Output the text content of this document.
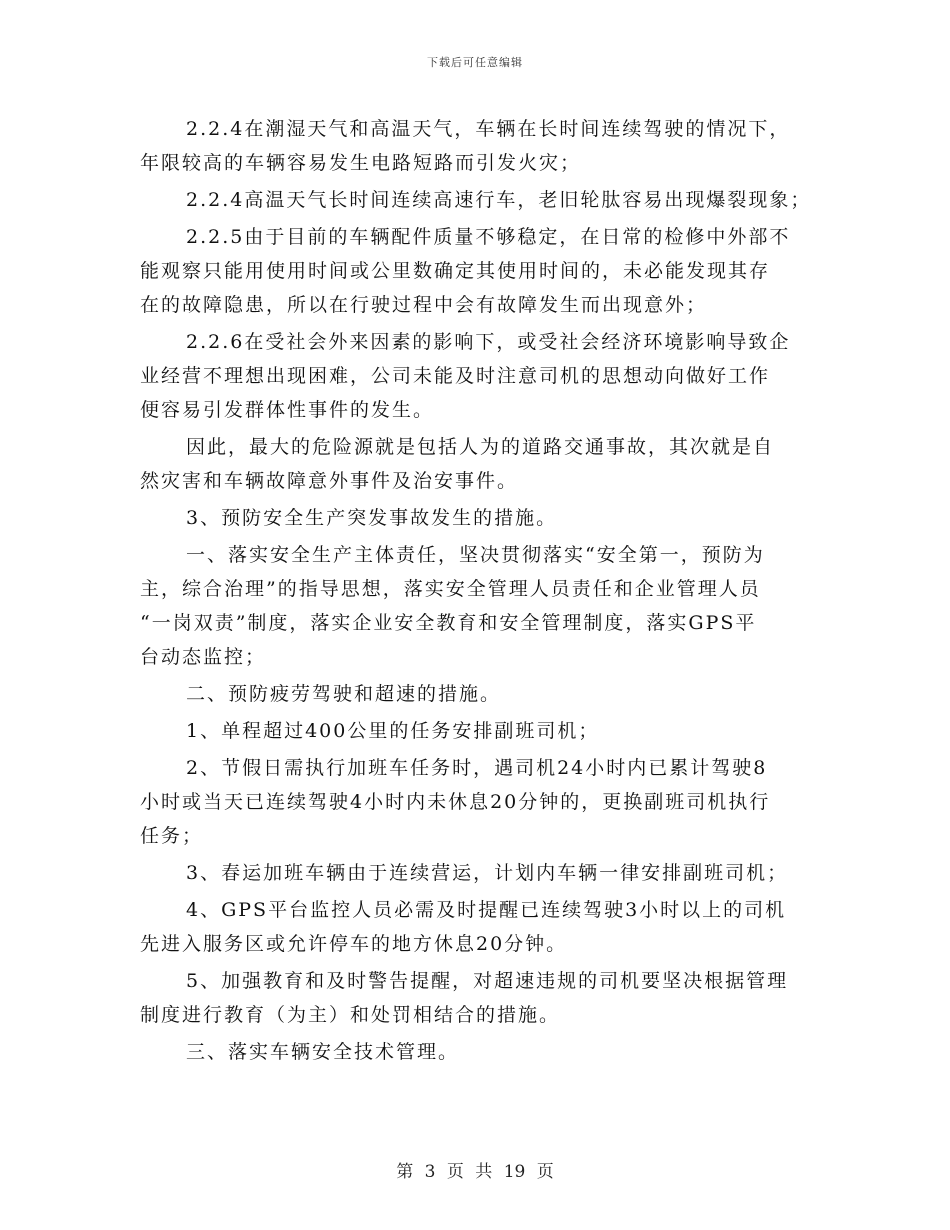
下载后可任意编辑
2.2.4在潮湿天气和高温天气，车辆在长时间连续驾驶的情况下，
年限较高的车辆容易发生电路短路而引发火灾；
2.2.4高温天气长时间连续高速行车，老旧轮肽容易出现爆裂现象；
2.2.5由于目前的车辆配件质量不够稳定，在日常的检修中外部不
能观察只能用使用时间或公里数确定其使用时间的，未必能发现其存
在的故障隐患，所以在行驶过程中会有故障发生而出现意外；
2.2.6在受社会外来因素的影响下，或受社会经济环境影响导致企
业经营不理想出现困难，公司未能及时注意司机的思想动向做好工作
便容易引发群体性事件的发生。
因此，最大的危险源就是包括人为的道路交通事故，其次就是自
然灾害和车辆故障意外事件及治安事件。
3、预防安全生产突发事故发生的措施。
一、落实安全生产主体责任，坚决贯彻落实“安全第一，预防为
主，综合治理”的指导思想，落实安全管理人员责任和企业管理人员
“一岗双责”制度，落实企业安全教育和安全管理制度，落实GPS平
台动态监控；
二、预防疲劳驾驶和超速的措施。
1、单程超过400公里的任务安排副班司机；
2、节假日需执行加班车任务时，遇司机24小时内已累计驾驶8
小时或当天已连续驾驶4小时内未休息20分钟的，更换副班司机执行
任务；
3、春运加班车辆由于连续营运，计划内车辆一律安排副班司机；
4、GPS平台监控人员必需及时提醒已连续驾驶3小时以上的司机
先进入服务区或允许停车的地方休息20分钟。
5、加强教育和及时警告提醒，对超速违规的司机要坚决根据管理
制度进行教育（为主）和处罚相结合的措施。
三、落实车辆安全技术管理。
第 3 页 共 19 页
